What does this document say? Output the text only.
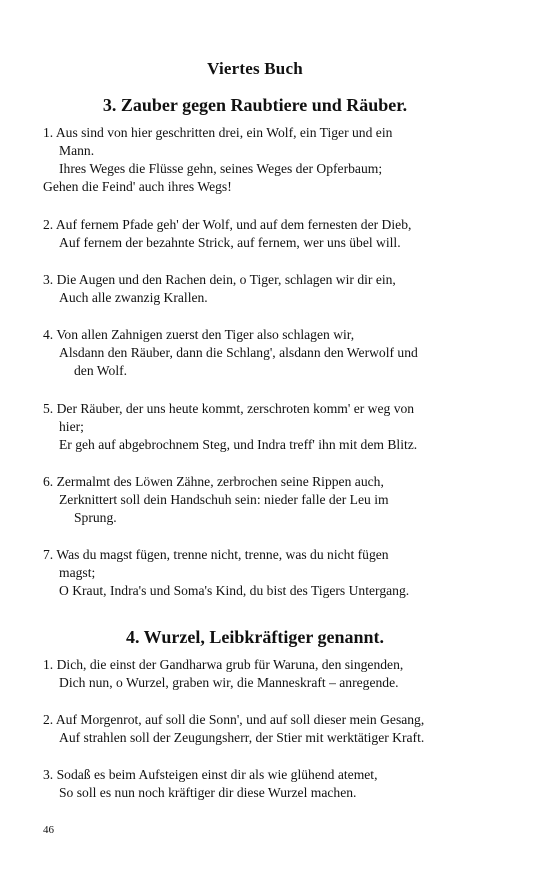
Viertes Buch
3. Zauber gegen Raubtiere und Räuber.
1. Aus sind von hier geschritten drei, ein Wolf, ein Tiger und ein
Mann.
Ihres Weges die Flüsse gehn, seines Weges der Opferbaum;
Gehen die Feind' auch ihres Wegs!
2. Auf fernem Pfade geh' der Wolf, und auf dem fernesten der Dieb,
Auf fernem der bezahnte Strick, auf fernem, wer uns übel will.
3. Die Augen und den Rachen dein, o Tiger, schlagen wir dir ein,
Auch alle zwanzig Krallen.
4. Von allen Zahnigen zuerst den Tiger also schlagen wir,
Alsdann den Räuber, dann die Schlang', alsdann den Werwolf und
den Wolf.
5. Der Räuber, der uns heute kommt, zerschroten komm' er weg von
hier;
Er geh auf abgebrochnem Steg, und Indra treff' ihn mit dem Blitz.
6. Zermalmt des Löwen Zähne, zerbrochen seine Rippen auch,
Zerknittert soll dein Handschuh sein: nieder falle der Leu im
Sprung.
7. Was du magst fügen, trenne nicht, trenne, was du nicht fügen
magst;
O Kraut, Indra's und Soma's Kind, du bist des Tigers Untergang.
4. Wurzel, Leibkräftiger genannt.
1. Dich, die einst der Gandharwa grub für Waruna, den singenden,
Dich nun, o Wurzel, graben wir, die Manneskraft – anregende.
2. Auf Morgenrot, auf soll die Sonn', und auf soll dieser mein Gesang,
Auf strahlen soll der Zeugungsherr, der Stier mit werktätiger Kraft.
3. Sodaß es beim Aufsteigen einst dir als wie glühend atemet,
So soll es nun noch kräftiger dir diese Wurzel machen.
46
